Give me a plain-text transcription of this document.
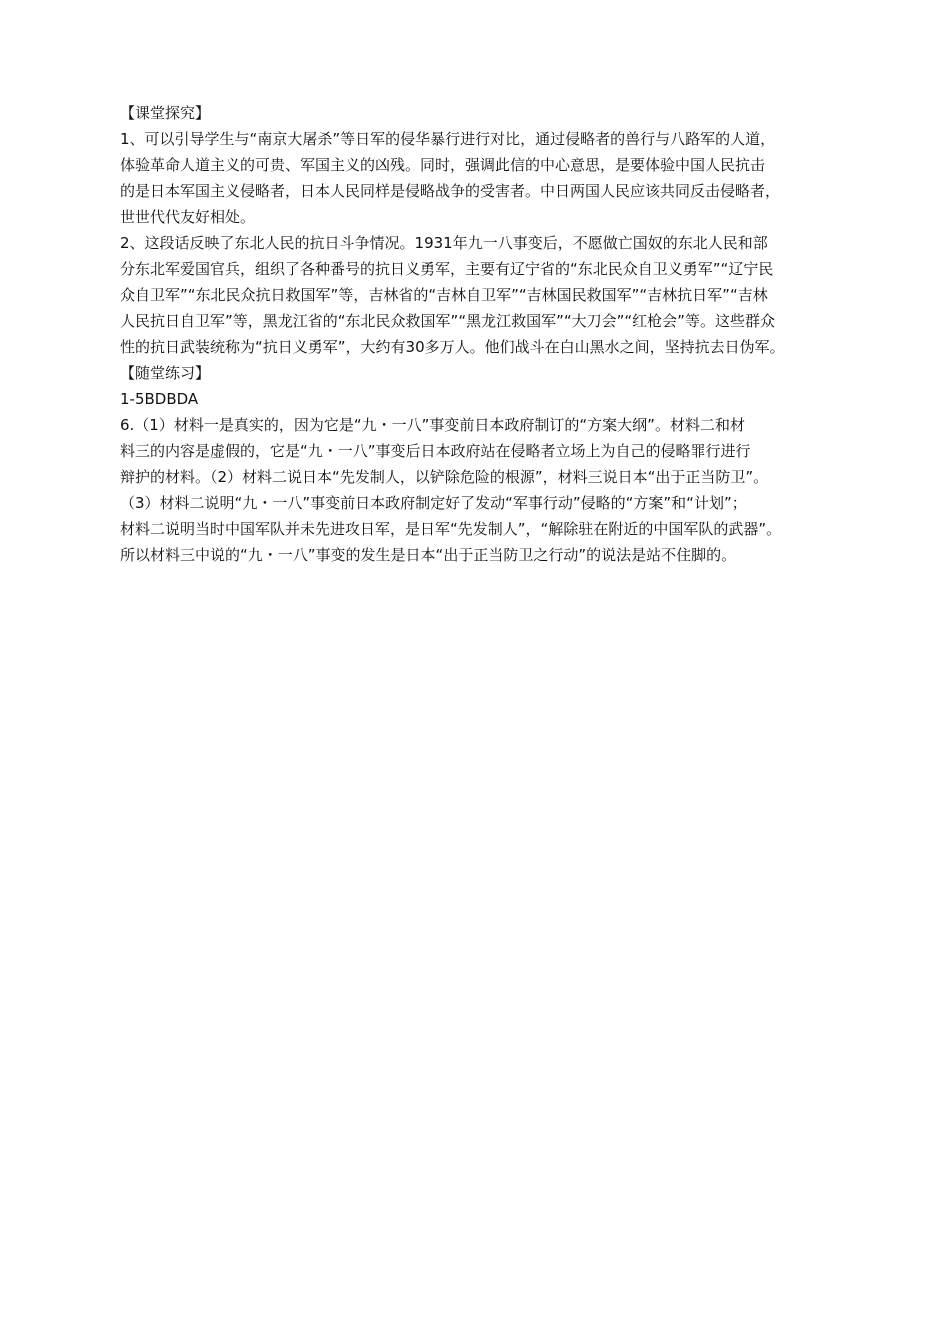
【课堂探究】
1、可以引导学生与“南京大屠杀”等日军的侵华暴行进行对比，通过侵略者的兽行与八路军的人道，
体验革命人道主义的可贵、军国主义的凶残。同时，强调此信的中心意思，是要体验中国人民抗击
的是日本军国主义侵略者，日本人民同样是侵略战争的受害者。中日两国人民应该共同反击侵略者，
世世代代友好相处。
2、这段话反映了东北人民的抗日斗争情况。1931年九一八事变后，不愿做亡国奴的东北人民和部
分东北军爱国官兵，组织了各种番号的抗日义勇军，主要有辽宁省的“东北民众自卫义勇军”“辽宁民
众自卫军”“东北民众抗日救国军”等，吉林省的“吉林自卫军”“吉林国民救国军”“吉林抗日军”“吉林
人民抗日自卫军”等，黑龙江省的“东北民众救国军”“黑龙江救国军”“大刀会”“红枪会”等。这些群众
性的抗日武装统称为“抗日义勇军”，大约有30多万人。他们战斗在白山黑水之间，坚持抗去日伪军。
【随堂练习】
1-5BDBDA
6.（1）材料一是真实的，因为它是“九・一八”事变前日本政府制订的“方案大纲”。材料二和材
料三的内容是虚假的，它是“九・一八”事变后日本政府站在侵略者立场上为自己的侵略罪行进行
辩护的材料。（2）材料二说日本“先发制人，以铲除危险的根源”，材料三说日本“出于正当防卫”。
（3）材料二说明“九・一八”事变前日本政府制定好了发动“军事行动”侵略的“方案”和“计划”；
材料二说明当时中国军队并未先进攻日军，是日军“先发制人”，“解除驻在附近的中国军队的武器”。
所以材料三中说的“九・一八”事变的发生是日本“出于正当防卫之行动”的说法是站不住脚的。
